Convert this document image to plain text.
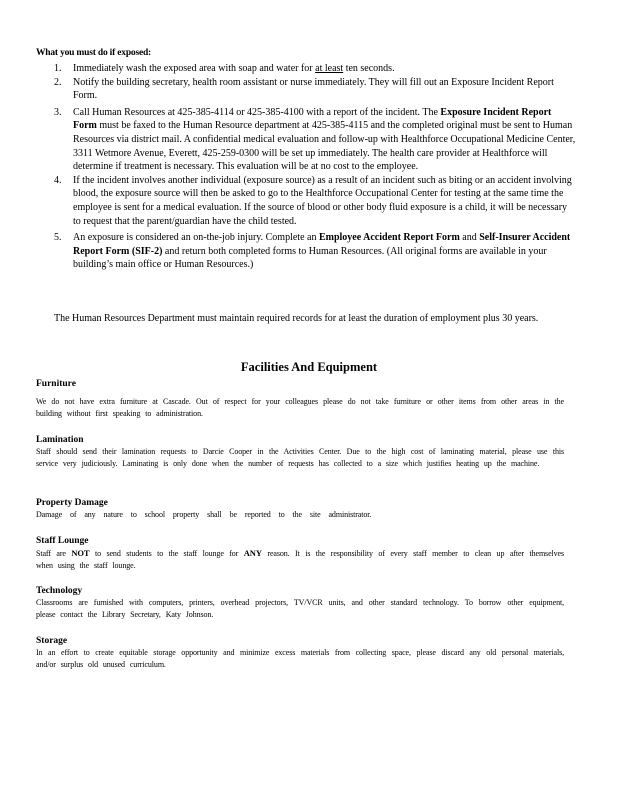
What you must do if exposed:
1. Immediately wash the exposed area with soap and water for at least ten seconds.
2. Notify the building secretary, health room assistant or nurse immediately. They will fill out an Exposure Incident Report Form.
3. Call Human Resources at 425-385-4114 or 425-385-4100 with a report of the incident. The Exposure Incident Report Form must be faxed to the Human Resource department at 425-385-4115 and the completed original must be sent to Human Resources via district mail. A confidential medical evaluation and follow-up with Healthforce Occupational Medicine Center, 3311 Wetmore Avenue, Everett, 425-259-0300 will be set up immediately. The health care provider at Healthforce will determine if treatment is necessary. This evaluation will be at no cost to the employee.
4. If the incident involves another individual (exposure source) as a result of an incident such as biting or an accident involving blood, the exposure source will then be asked to go to the Healthforce Occupational Center for testing at the same time the employee is sent for a medical evaluation. If the source of blood or other body fluid exposure is a child, it will be necessary to request that the parent/guardian have the child tested.
5. An exposure is considered an on-the-job injury. Complete an Employee Accident Report Form and Self-Insurer Accident Report Form (SIF-2) and return both completed forms to Human Resources. (All original forms are available in your building’s main office or Human Resources.)
The Human Resources Department must maintain required records for at least the duration of employment plus 30 years.
Facilities And Equipment
Furniture

We do not have extra furniture at Cascade. Out of respect for your colleagues please do not take furniture or other items from other areas in the building without first speaking to administration.

Lamination

Staff should send their lamination requests to Darcie Cooper in the Activities Center. Due to the high cost of laminating material, please use this service very judiciously. Laminating is only done when the number of requests has collected to a size which justifies heating up the machine.

Property Damage

Damage of any nature to school property shall be reported to the site administrator.

Staff Lounge

Staff are NOT to send students to the staff lounge for ANY reason. It is the responsibility of every staff member to clean up after themselves when using the staff lounge.

Technology

Classrooms are furnished with computers, printers, overhead projectors, TV/VCR units, and other standard technology. To borrow other equipment, please contact the Library Secretary, Katy Johnson.

Storage

In an effort to create equitable storage opportunity and minimize excess materials from collecting space, please discard any old personal materials, and/or surplus old unused curriculum.
